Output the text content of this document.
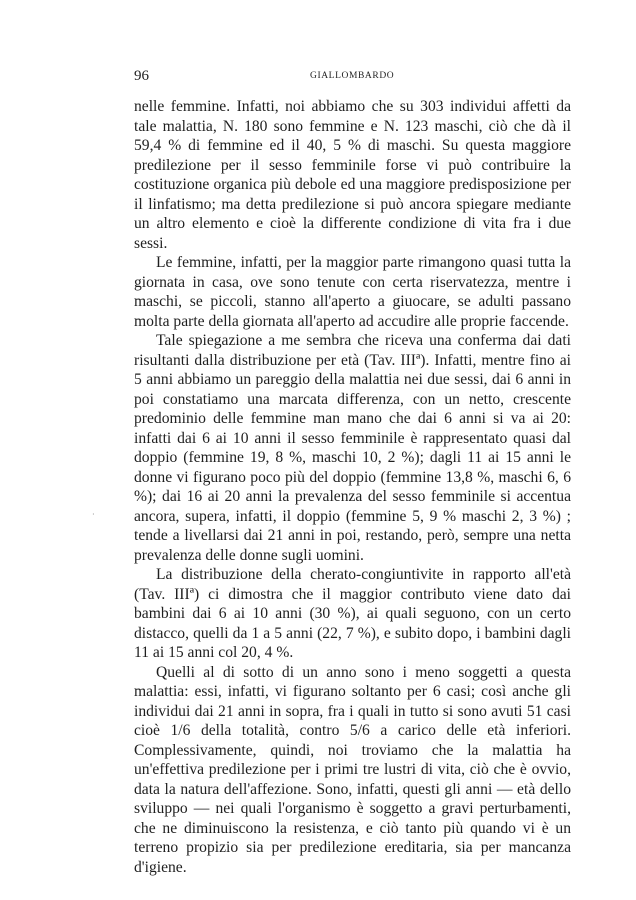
96	GIALLOMBARDO

nelle femmine. Infatti, noi abbiamo che su 303 individui affetti da tale malattia, N. 180 sono femmine e N. 123 maschi, ciò che dà il 59,4 % di femmine ed il 40, 5 % di maschi. Su questa maggiore predilezione per il sesso femminile forse vi può contribuire la costituzione organica più debole ed una maggiore predisposizione per il linfatismo; ma detta predilezione si può ancora spiegare mediante un altro elemento e cioè la differente condizione di vita fra i due sessi.

Le femmine, infatti, per la maggior parte rimangono quasi tutta la giornata in casa, ove sono tenute con certa riservatezza, mentre i maschi, se piccoli, stanno all'aperto a giuocare, se adulti passano molta parte della giornata all'aperto ad accudire alle proprie faccende.

Tale spiegazione a me sembra che riceva una conferma dai dati risultanti dalla distribuzione per età (Tav. IIIª). Infatti, mentre fino ai 5 anni abbiamo un pareggio della malattia nei due sessi, dai 6 anni in poi constatiamo una marcata differenza, con un netto, crescente predominio delle femmine man mano che dai 6 anni si va ai 20: infatti dai 6 ai 10 anni il sesso femminile è rappresentato quasi dal doppio (femmine 19, 8 %, maschi 10, 2 %); dagli 11 ai 15 anni le donne vi figurano poco più del doppio (femmine 13,8 %, maschi 6, 6 %); dai 16 ai 20 anni la prevalenza del sesso femminile si accentua ancora, supera, infatti, il doppio (femmine 5, 9 % maschi 2, 3 %) ; tende a livellarsi dai 21 anni in poi, restando, però, sempre una netta prevalenza delle donne sugli uomini.

La distribuzione della cherato-congiuntivite in rapporto all'età (Tav. IIIª) ci dimostra che il maggior contributo viene dato dai bambini dai 6 ai 10 anni (30 %), ai quali seguono, con un certo distacco, quelli da 1 a 5 anni (22, 7 %), e subito dopo, i bambini dagli 11 ai 15 anni col 20, 4 %.

Quelli al di sotto di un anno sono i meno soggetti a questa malattia: essi, infatti, vi figurano soltanto per 6 casi; così anche gli individui dai 21 anni in sopra, fra i quali in tutto si sono avuti 51 casi cioè 1/6 della totalità, contro 5/6 a carico delle età inferiori. Complessivamente, quindi, noi troviamo che la malattia ha un'effettiva predilezione per i primi tre lustri di vita, ciò che è ovvio, data la natura dell'affezione. Sono, infatti, questi gli anni — età dello sviluppo — nei quali l'organismo è soggetto a gravi perturbamenti, che ne diminuiscono la resistenza, e ciò tanto più quando vi è un terreno propizio sia per predilezione ereditaria, sia per mancanza d'igiene.

·
